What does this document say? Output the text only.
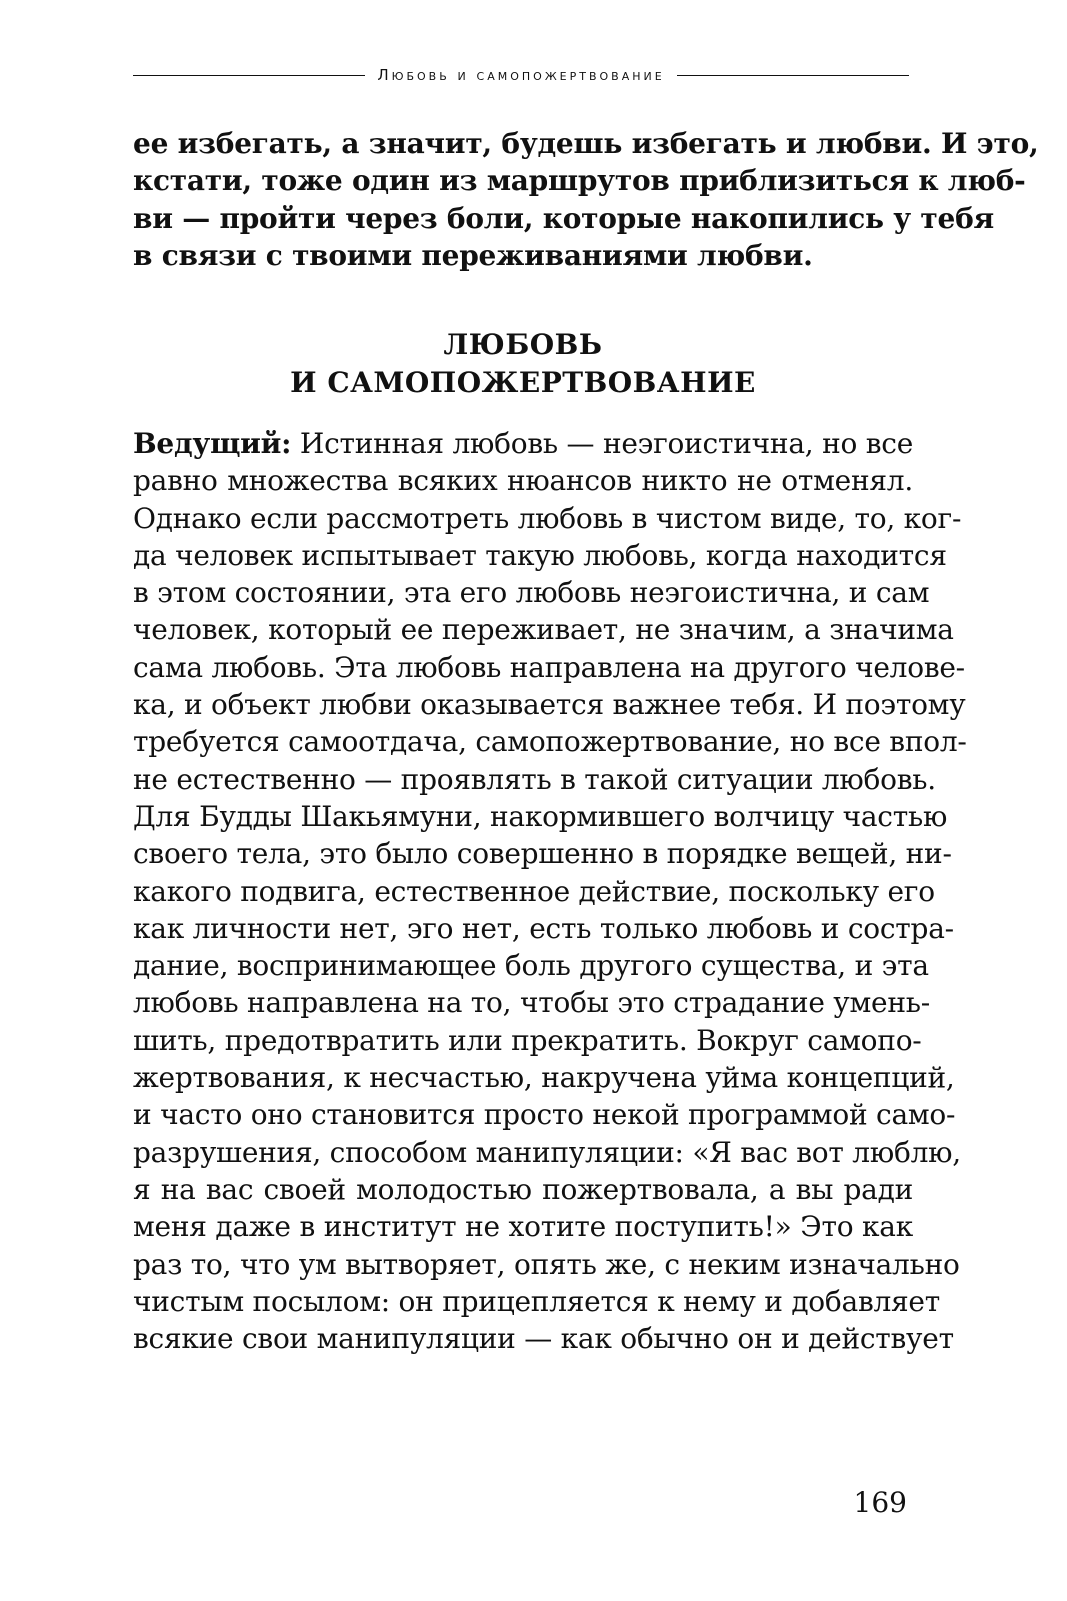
Любовь и самопожертвование
ее избегать, а значит, будешь избегать и любви. И это,
кстати, тоже один из маршрутов приблизиться к люб-
ви — пройти через боли, которые накопились у тебя
в связи с твоими переживаниями любви.
ЛЮБОВЬ
И САМОПОЖЕРТВОВАНИЕ
Ведущий: Истинная любовь — неэгоистична, но все
равно множества всяких нюансов никто не отменял.
Однако если рассмотреть любовь в чистом виде, то, ког-
да человек испытывает такую любовь, когда находится
в этом состоянии, эта его любовь неэгоистична, и сам
человек, который ее переживает, не значим, а значима
сама любовь. Эта любовь направлена на другого челове-
ка, и объект любви оказывается важнее тебя. И поэтому
требуется самоотдача, самопожертвование, но все впол-
не естественно — проявлять в такой ситуации любовь.
Для Будды Шакьямуни, накормившего волчицу частью
своего тела, это было совершенно в порядке вещей, ни-
какого подвига, естественное действие, поскольку его
как личности нет, эго нет, есть только любовь и состра-
дание, воспринимающее боль другого существа, и эта
любовь направлена на то, чтобы это страдание умень-
шить, предотвратить или прекратить. Вокруг самопо-
жертвования, к несчастью, накручена уйма концепций,
и часто оно становится просто некой программой само-
разрушения, способом манипуляции: «Я вас вот люблю,
я на вас своей молодостью пожертвовала, а вы ради
меня даже в институт не хотите поступить!» Это как
раз то, что ум вытворяет, опять же, с неким изначально
чистым посылом: он прицепляется к нему и добавляет
всякие свои манипуляции — как обычно он и действует
169
